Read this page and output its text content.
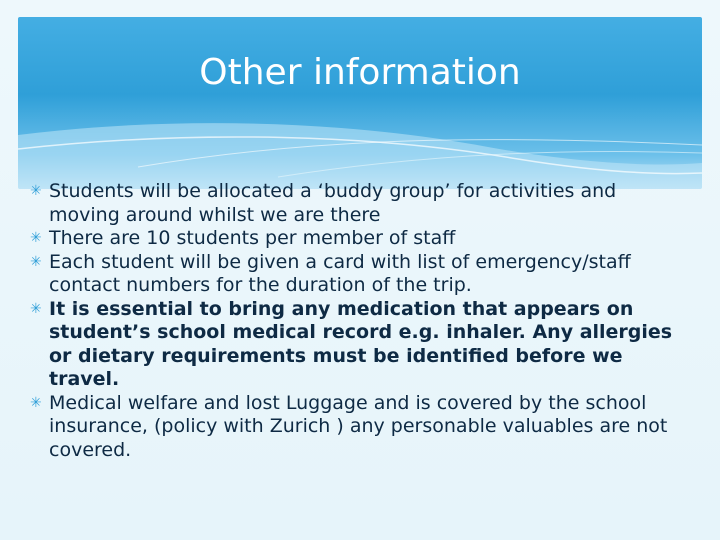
Other information
✳ Students will be allocated a ‘buddy group’ for activities and moving around whilst we are there
✳ There are 10 students per member of staff
✳ Each student will be given a card with list of emergency/staff contact numbers for the duration of the trip.
✳ It is essential to bring any medication that appears on student’s school medical record e.g. inhaler. Any allergies or dietary requirements must be identified before we travel.
✳ Medical welfare and lost Luggage and is covered by the school insurance, (policy with Zurich ) any personable valuables are not covered.
